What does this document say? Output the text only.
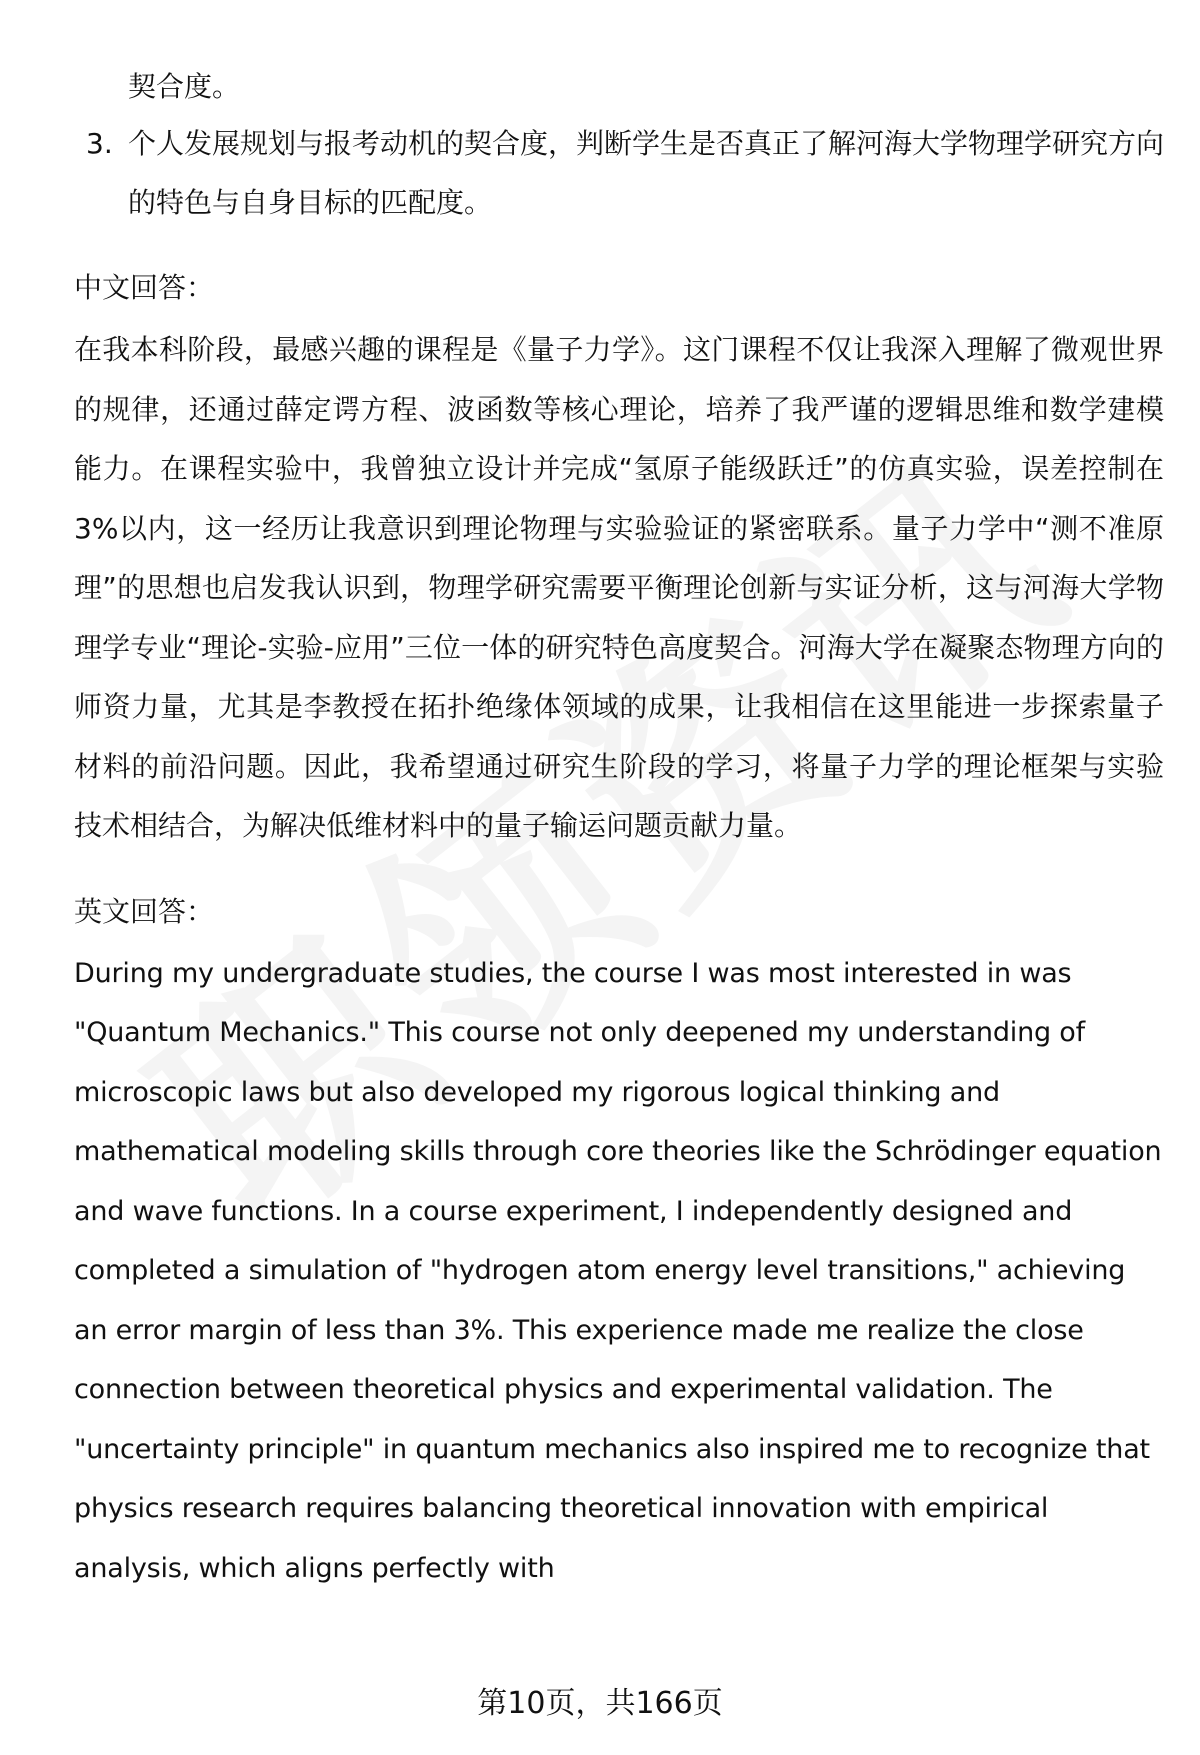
契合度。
3. 个人发展规划与报考动机的契合度，判断学生是否真正了解河海大学物理学研究方向的特色与自身目标的匹配度。
中文回答：
在我本科阶段，最感兴趣的课程是《量子力学》。这门课程不仅让我深入理解了微观世界的规律，还通过薛定谔方程、波函数等核心理论，培养了我严谨的逻辑思维和数学建模能力。在课程实验中，我曾独立设计并完成“氢原子能级跃迁”的仿真实验，误差控制在3%以内，这一经历让我意识到理论物理与实验验证的紧密联系。量子力学中“测不准原理”的思想也启发我认识到，物理学研究需要平衡理论创新与实证分析，这与河海大学物理学专业“理论-实验-应用”三位一体的研究特色高度契合。河海大学在凝聚态物理方向的师资力量，尤其是李教授在拓扑绝缘体领域的成果，让我相信在这里能进一步探索量子材料的前沿问题。因此，我希望通过研究生阶段的学习，将量子力学的理论框架与实验技术相结合，为解决低维材料中的量子输运问题贡献力量。
英文回答：
During my undergraduate studies, the course I was most interested in was "Quantum Mechanics." This course not only deepened my understanding of microscopic laws but also developed my rigorous logical thinking and mathematical modeling skills through core theories like the Schrödinger equation and wave functions. In a course experiment, I independently designed and completed a simulation of "hydrogen atom energy level transitions," achieving an error margin of less than 3%. This experience made me realize the close connection between theoretical physics and experimental validation. The "uncertainty principle" in quantum mechanics also inspired me to recognize that physics research requires balancing theoretical innovation with empirical analysis, which aligns perfectly with
第10页，共166页
